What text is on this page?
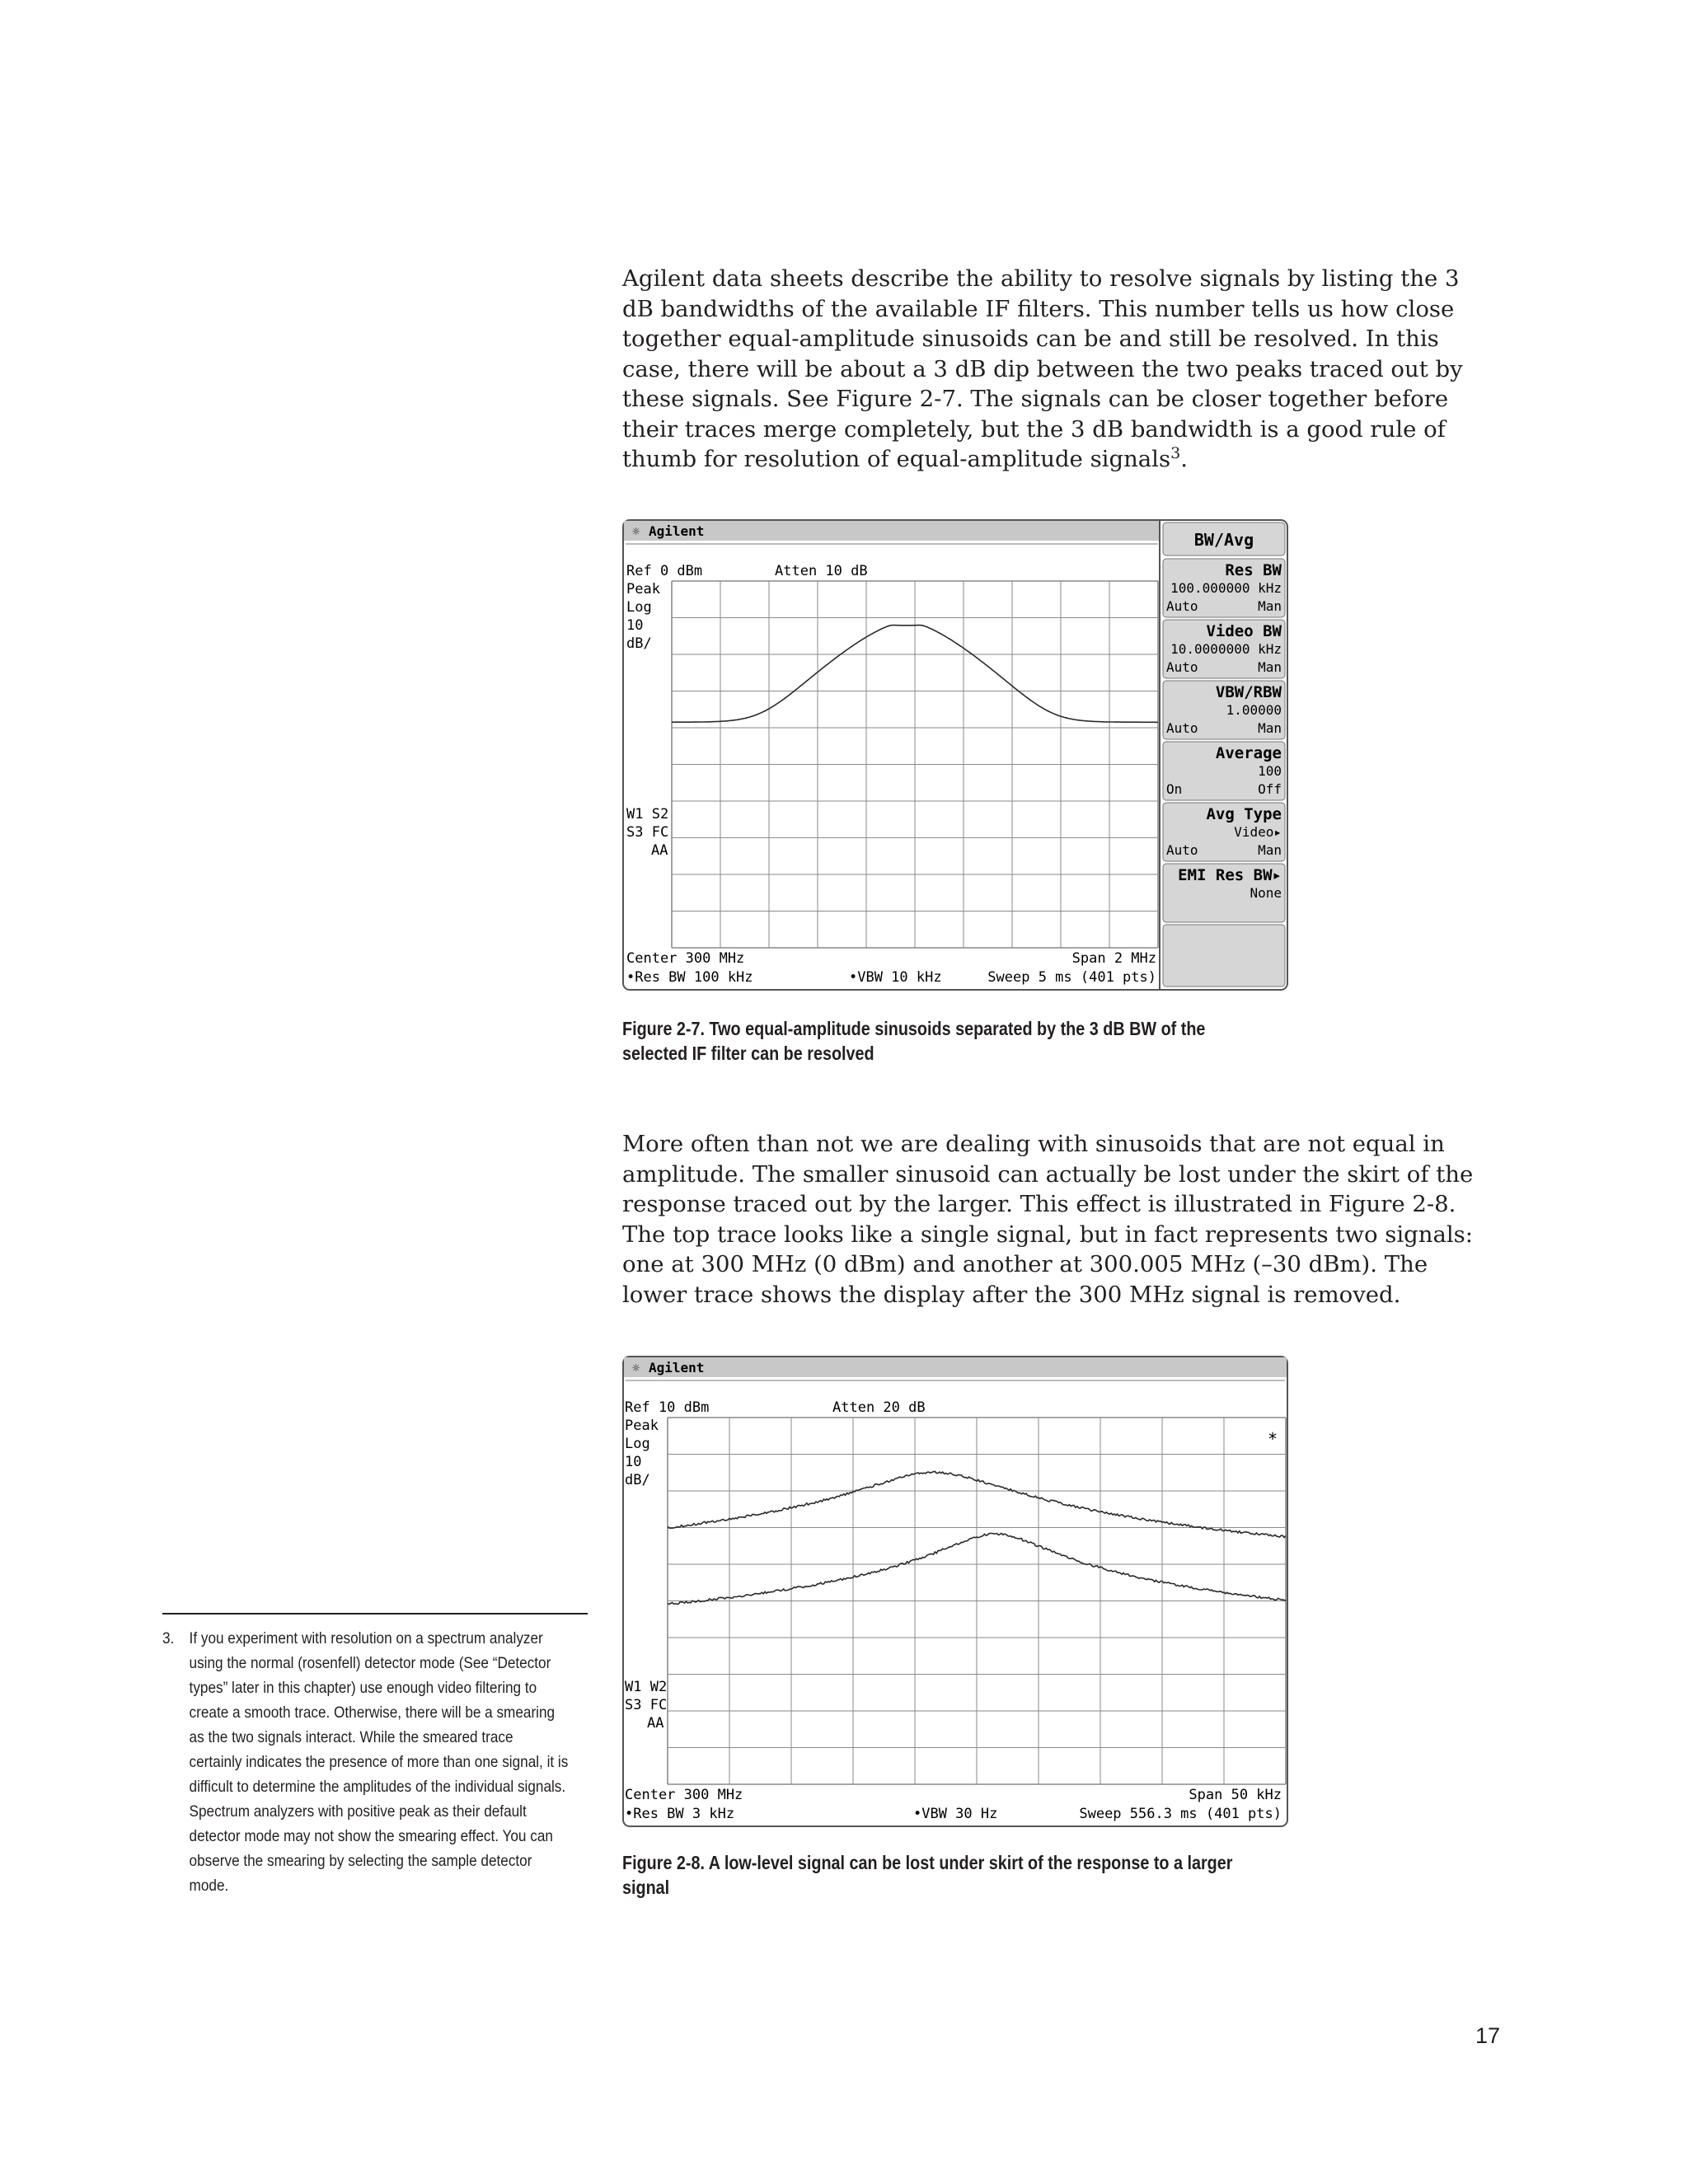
Agilent data sheets describe the ability to resolve signals by listing the 3 dB bandwidths of the available IF filters. This number tells us how close together equal-amplitude sinusoids can be and still be resolved. In this case, there will be about a 3 dB dip between the two peaks traced out by these signals. See Figure 2-7. The signals can be closer together before their traces merge completely, but the 3 dB bandwidth is a good rule of thumb for resolution of equal-amplitude signals$^3$.

☼ Agilent
Ref 0 dBm	Atten 10 dB
Peak
Log
10
dB/
W1 S2
S3 FC
AA
Center 300 MHz	Span 2 MHz
•Res BW 100 kHz	•VBW 10 kHz	Sweep 5 ms (401 pts)
BW/Avg
Res BW
100.000000 kHz
Auto	Man
Video BW
10.0000000 kHz
Auto	Man
VBW/RBW
1.00000
Auto	Man
Average
100
On	Off
Avg Type
Video▸
Auto	Man
EMI Res BW▸
None

Figure 2-7. Two equal-amplitude sinusoids separated by the 3 dB BW of the selected IF filter can be resolved

More often than not we are dealing with sinusoids that are not equal in amplitude. The smaller sinusoid can actually be lost under the skirt of the response traced out by the larger. This effect is illustrated in Figure 2-8. The top trace looks like a single signal, but in fact represents two signals: one at 300 MHz (0 dBm) and another at 300.005 MHz (–30 dBm). The lower trace shows the display after the 300 MHz signal is removed.

☼ Agilent
Ref 10 dBm	Atten 20 dB
Peak
Log
10
dB/
W1 W2
S3 FC
AA
*
Center 300 MHz	Span 50 kHz
•Res BW 3 kHz	•VBW 30 Hz	Sweep 556.3 ms (401 pts)

Figure 2-8. A low-level signal can be lost under skirt of the response to a larger signal

3. If you experiment with resolution on a spectrum analyzer using the normal (rosenfell) detector mode (See “Detector types” later in this chapter) use enough video filtering to create a smooth trace. Otherwise, there will be a smearing as the two signals interact. While the smeared trace certainly indicates the presence of more than one signal, it is difficult to determine the amplitudes of the individual signals. Spectrum analyzers with positive peak as their default detector mode may not show the smearing effect. You can observe the smearing by selecting the sample detector mode.
17
